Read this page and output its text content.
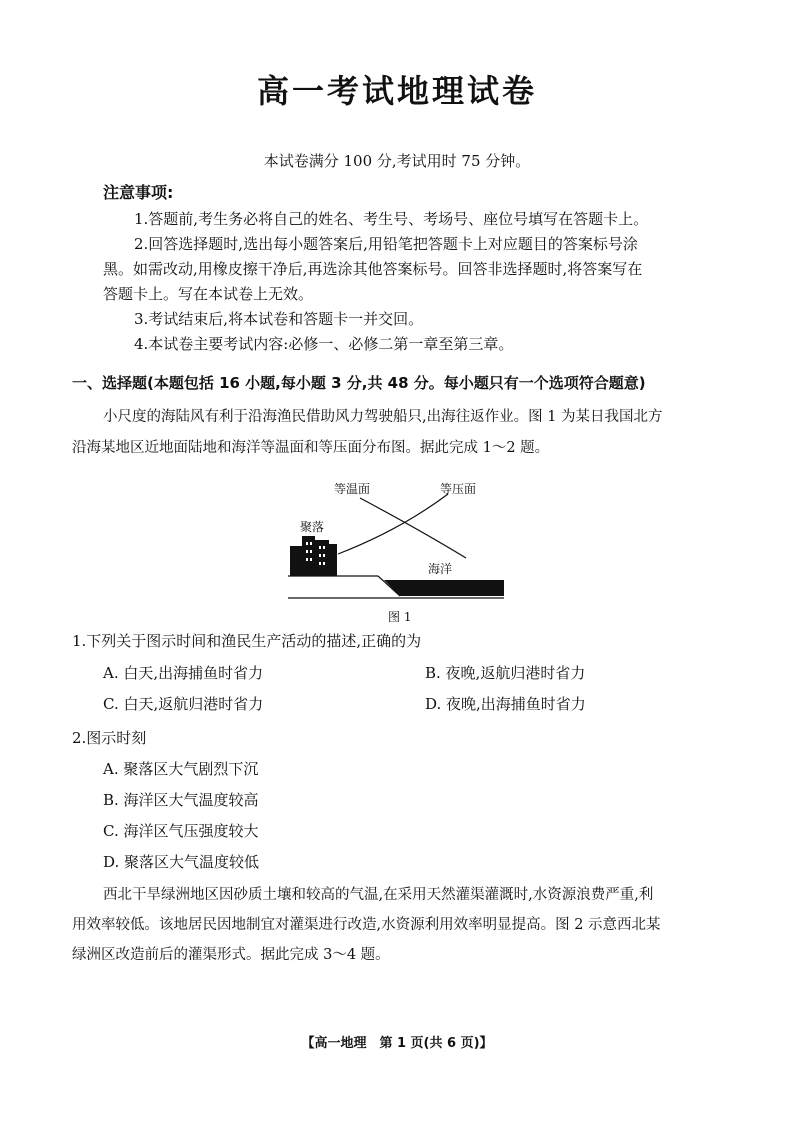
高一考试地理试卷
本试卷满分 100 分,考试用时 75 分钟。
注意事项:
1.答题前,考生务必将自己的姓名、考生号、考场号、座位号填写在答题卡上。
2.回答选择题时,选出每小题答案后,用铅笔把答题卡上对应题目的答案标号涂
黑。如需改动,用橡皮擦干净后,再选涂其他答案标号。回答非选择题时,将答案写在
答题卡上。写在本试卷上无效。
3.考试结束后,将本试卷和答题卡一并交回。
4.本试卷主要考试内容:必修一、必修二第一章至第三章。
一、选择题(本题包括 16 小题,每小题 3 分,共 48 分。每小题只有一个选项符合题意)
小尺度的海陆风有利于沿海渔民借助风力驾驶船只,出海往返作业。图 1 为某日我国北方
沿海某地区近地面陆地和海洋等温面和等压面分布图。据此完成 1～2 题。
等温面	等压面
聚落
海洋
图 1
1.下列关于图示时间和渔民生产活动的描述,正确的为
A. 白天,出海捕鱼时省力	B. 夜晚,返航归港时省力
C. 白天,返航归港时省力	D. 夜晚,出海捕鱼时省力
2.图示时刻
A. 聚落区大气剧烈下沉
B. 海洋区大气温度较高
C. 海洋区气压强度较大
D. 聚落区大气温度较低
西北干旱绿洲地区因砂质土壤和较高的气温,在采用天然灌渠灌溉时,水资源浪费严重,利
用效率较低。该地居民因地制宜对灌渠进行改造,水资源利用效率明显提高。图 2 示意西北某
绿洲区改造前后的灌渠形式。据此完成 3～4 题。
【高一地理　第 1 页(共 6 页)】
